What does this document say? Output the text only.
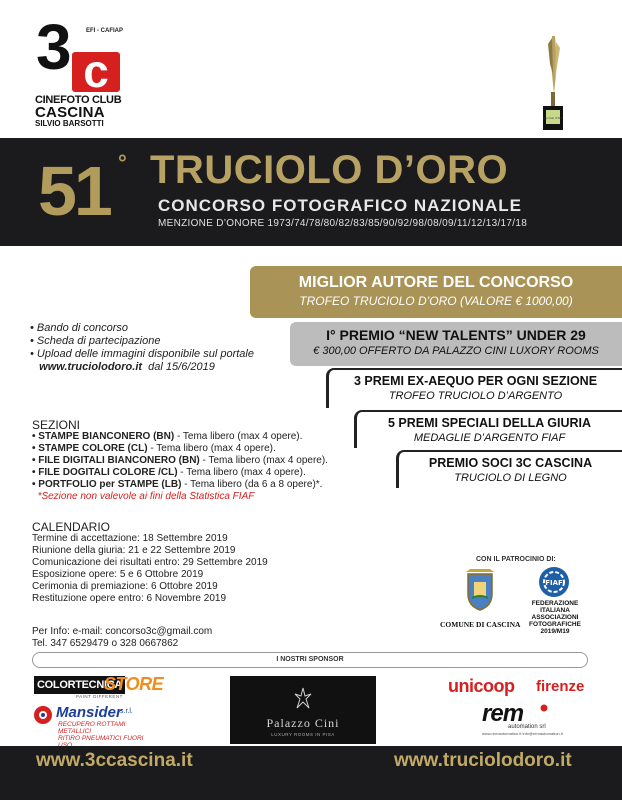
3 c
EFI - CAFIAP
CINEFOTO CLUB
CASCINA
SILVIO BARSOTTI
Truciolo d'Oro
51 ° TRUCIOLO D’ORO
CONCORSO FOTOGRAFICO NAZIONALE
MENZIONE D’ONORE 1973/74/78/80/82/83/85/90/92/98/08/09/11/12/13/17/18
MIGLIOR AUTORE DEL CONCORSO
TROFEO TRUCIOLO D’ORO (VALORE € 1000,00)
I° PREMIO “NEW TALENTS” UNDER 29
€ 300,00 OFFERTO DA PALAZZO CINI LUXORY ROOMS
3 PREMI EX-AEQUO PER OGNI SEZIONE
TROFEO TRUCIOLO D’ARGENTO
5 PREMI SPECIALI DELLA GIURIA
MEDAGLIE D’ARGENTO FIAF
PREMIO SOCI 3C CASCINA
TRUCIOLO DI LEGNO
• Bando di concorso
• Scheda di partecipazione
• Upload delle immagini disponibile sul portale
www.truciolodoro.it dal 15/6/2019
SEZIONI
• STAMPE BIANCONERO (BN) - Tema libero (max 4 opere).
• STAMPE COLORE (CL) - Tema libero (max 4 opere).
• FILE DIGITALI BIANCONERO (BN) - Tema libero (max 4 opere).
• FILE DOGITALI COLORE /CL) - Tema libero (max 4 opere).
• PORTFOLIO per STAMPE (LB) - Tema libero (da 6 a 8 opere)*.
*Sezione non valevole ai fini della Statistica FIAF
CALENDARIO
Termine di accettazione: 18 Settembre 2019
Riunione della giuria: 21 e 22 Settembre 2019
Comunicazione dei risultati entro: 29 Settembre 2019
Esposizione opere: 5 e 6 Ottobre 2019
Cerimonia di premiazione: 6 Ottobre 2019
Restituzione opere entro: 6 Novembre 2019
Per Info: e-mail: concorso3c@gmail.com
Tel. 347 6529479 o 328 0667862
CON IL PATROCINIO DI:
COMUNE DI CASCINA
FIAF
FEDERAZIONE
ITALIANA
ASSOCIAZIONI
FOTOGRAFICHE
2019/M19
I NOSTRI SPONSOR
COLORTECNICA
STORE
PAINT DIFFERENT
Mansider
s.r.l.
RECUPERO ROTTAMI METALLICI
RITIRO PNEUMATICI FUORI
Palazzo Cini
LUXURY ROOMS IN PISA
unicoop firenze
rem
automation srl
www.remautomation.it info@remautomation.it
www.3ccascina.it	www.truciolodoro.it
